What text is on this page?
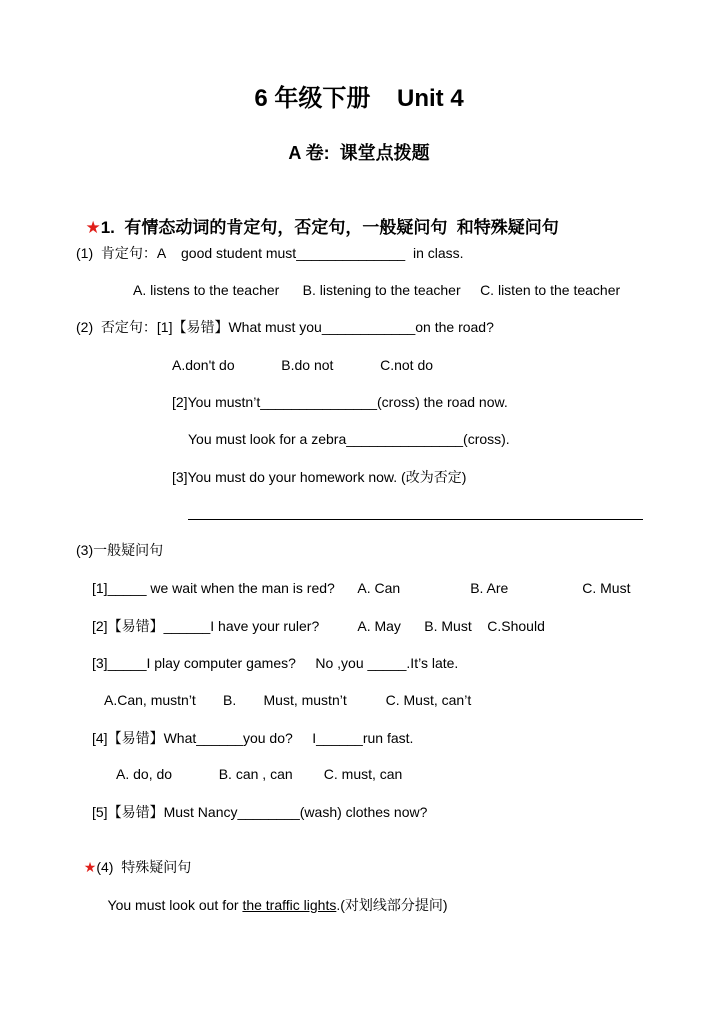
6 年级下册    Unit 4
A 卷:  课堂点拨题

★1. 有情态动词的肯定句，否定句，一般疑问句  和特殊疑问句

(1)  肯定句：A    good student must______________  in class.
A. listens to the teacher      B. listening to the teacher     C. listen to the teacher
(2)  否定句：[1]【易错】What must you____________on the road?
A.don't do            B.do not            C.not do
[2]You mustn’t_______________(cross) the road now.
You must look for a zebra_______________(cross).
[3]You must do your homework now. (改为否定)
(3)一般疑问句
[1]_____ we wait when the man is red?      A. Can                  B. Are                   C. Must
[2]【易错】______I have your ruler?          A. May      B. Must    C.Should
[3]_____I play computer games?     No ,you _____.It’s late.
A.Can, mustn’t       B.       Must, mustn’t          C. Must, can’t
[4]【易错】What______you do?     I______run fast.
A. do, do            B. can , can        C. must, can
[5]【易错】Must Nancy________(wash) clothes now?

★(4)  特殊疑问句

You must look out for the traffic lights.(对划线部分提问)
